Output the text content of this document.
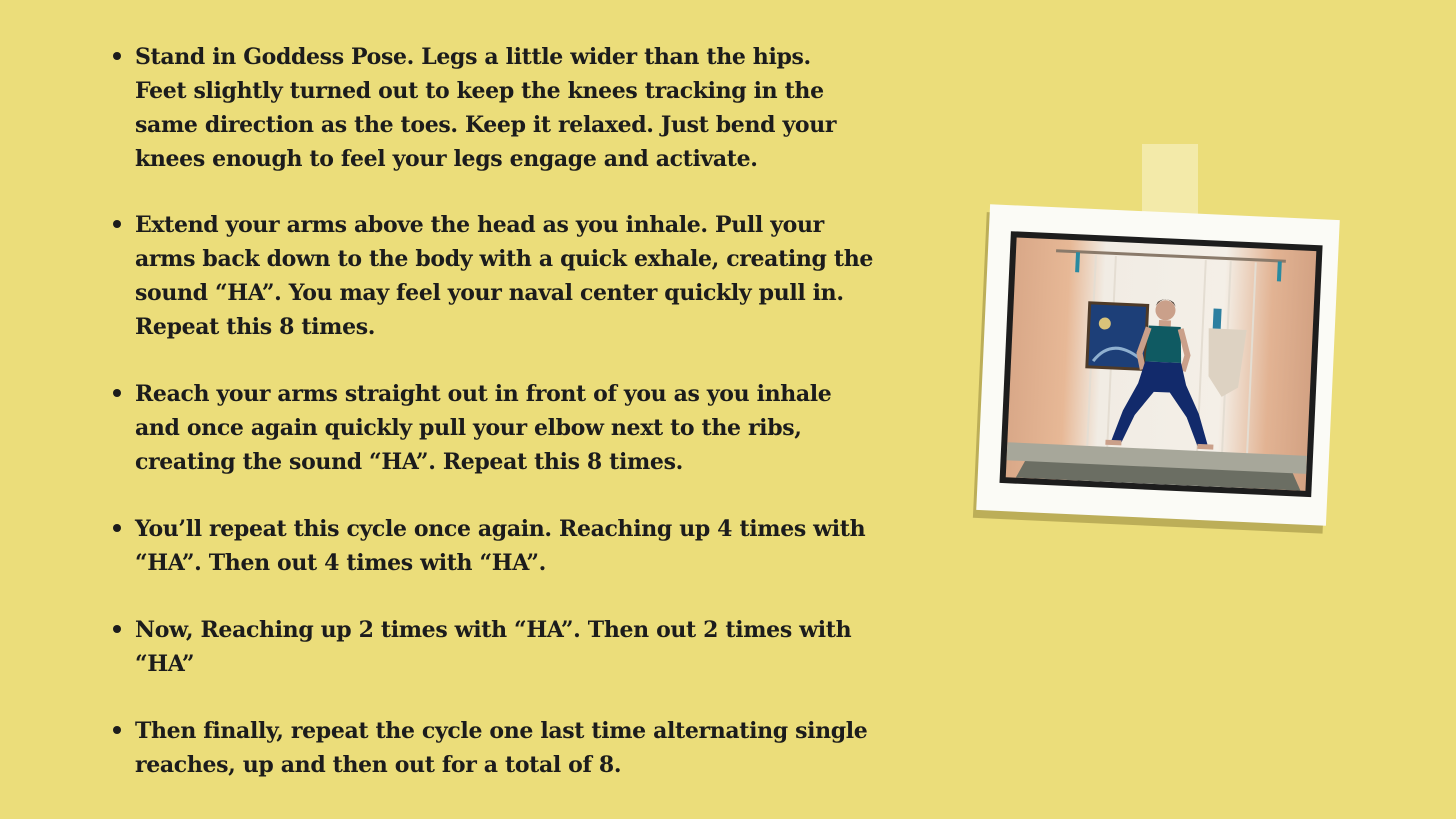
Stand in Goddess Pose. Legs a little wider than the hips.
Feet slightly turned out to keep the knees tracking in the
same direction as the toes. Keep it relaxed. Just bend your
knees enough to feel your legs engage and activate.
Extend your arms above the head as you inhale. Pull your
arms back down to the body with a quick exhale, creating the
sound “HA”. You may feel your naval center quickly pull in.
Repeat this 8 times.
Reach your arms straight out in front of you as you inhale
and once again quickly pull your elbow next to the ribs,
creating the sound “HA”. Repeat this 8 times.
You’ll repeat this cycle once again. Reaching up 4 times with
“HA”. Then out 4 times with “HA”.
Now, Reaching up 2 times with “HA”. Then out 2 times with
“HA”
Then finally, repeat the cycle one last time alternating single
reaches, up and then out for a total of 8.
